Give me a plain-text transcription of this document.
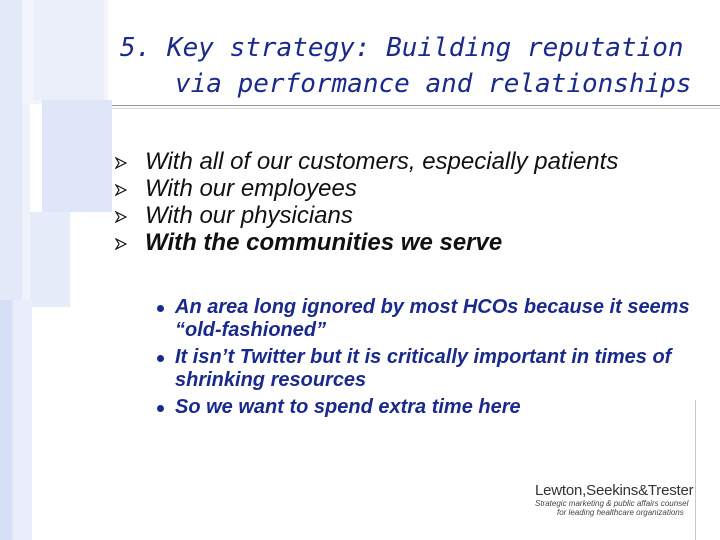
5. Key strategy: Building reputation
via performance and relationships
With all of our customers, especially patients
With our employees
With our physicians
With the communities we serve
An area long ignored by most HCOs because it seems “old-fashioned”
It isn’t Twitter but it is critically important in times of shrinking resources
So we want to spend extra time here
Lewton,Seekins&Trester
Strategic marketing & public affairs counsel
for leading healthcare organizations
